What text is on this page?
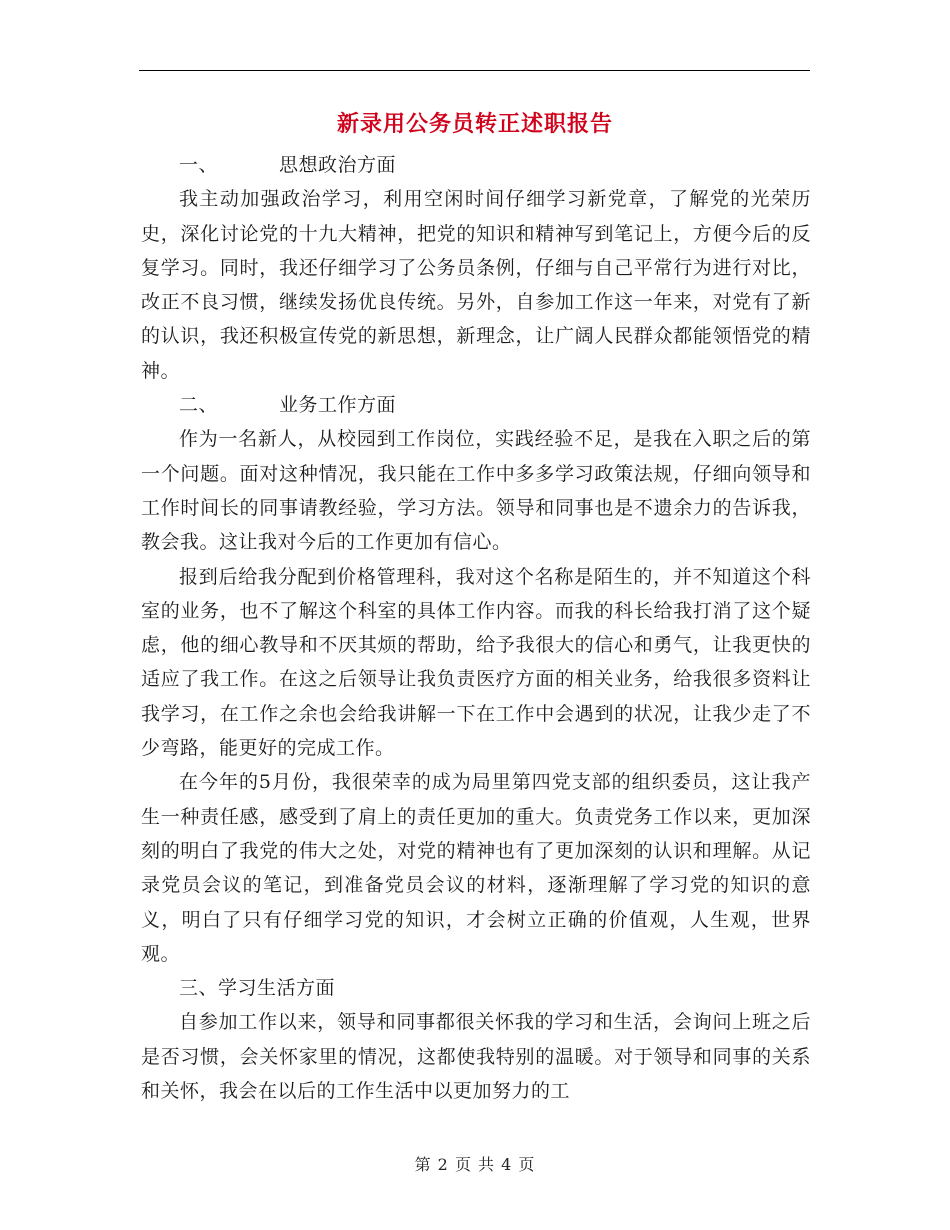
新录用公务员转正述职报告

一、	思想政治方面

我主动加强政治学习，利用空闲时间仔细学习新党章，了解党的光荣历史，深化讨论党的十九大精神，把党的知识和精神写到笔记上，方便今后的反复学习。同时，我还仔细学习了公务员条例，仔细与自己平常行为进行对比，改正不良习惯，继续发扬优良传统。另外，自参加工作这一年来，对党有了新的认识，我还积极宣传党的新思想，新理念，让广阔人民群众都能领悟党的精神。

二、	业务工作方面

作为一名新人，从校园到工作岗位，实践经验不足，是我在入职之后的第一个问题。面对这种情况，我只能在工作中多多学习政策法规，仔细向领导和工作时间长的同事请教经验，学习方法。领导和同事也是不遗余力的告诉我，教会我。这让我对今后的工作更加有信心。

报到后给我分配到价格管理科，我对这个名称是陌生的，并不知道这个科室的业务，也不了解这个科室的具体工作内容。而我的科长给我打消了这个疑虑，他的细心教导和不厌其烦的帮助，给予我很大的信心和勇气，让我更快的适应了我工作。在这之后领导让我负责医疗方面的相关业务，给我很多资料让我学习，在工作之余也会给我讲解一下在工作中会遇到的状况，让我少走了不少弯路，能更好的完成工作。

在今年的5月份，我很荣幸的成为局里第四党支部的组织委员，这让我产生一种责任感，感受到了肩上的责任更加的重大。负责党务工作以来，更加深刻的明白了我党的伟大之处，对党的精神也有了更加深刻的认识和理解。从记录党员会议的笔记，到准备党员会议的材料，逐渐理解了学习党的知识的意义，明白了只有仔细学习党的知识，才会树立正确的价值观，人生观，世界观。

三、学习生活方面

自参加工作以来，领导和同事都很关怀我的学习和生活，会询问上班之后是否习惯，会关怀家里的情况，这都使我特别的温暖。对于领导和同事的关系和关怀，我会在以后的工作生活中以更加努力的工

第 2 页 共 4 页
